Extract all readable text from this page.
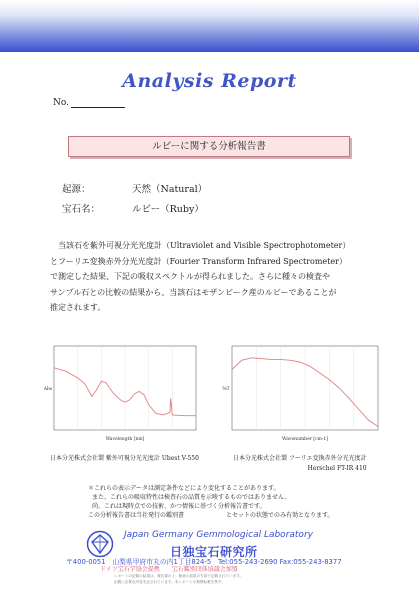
Analysis Report
No.
ルビーに関する分析報告書
起源：	天然（Natural）
宝石名：	ルビー（Ruby）

当該石を紫外可視分光光度計（Ultraviolet and Visible Spectrophotometer）

とフーリエ変換赤外分光光度計（Fourier Transform Infrared Spectrometer）

で測定した結果、下記の吸収スペクトルが得られました。さらに種々の検査や

サンプル石との比較の結果から、当該石はモザンビーク産のルビーであることが

推定されます。

Wavelength [nm]
Abs
Wavenumber [cm-1]
%T
日本分光株式会社製 紫外可視分光光度計 Ubest V-550	日本分光株式会社製 フーリエ変換赤外分光光度計
Herschel FT-IR 410

＊これらの表示データは測定条件などにより変化することがあります。

また、これらの吸収特性は検査石の品質を示唆するものではありません。

尚、これは現時点での技術、かつ情報に基づく分析報告書です。

この分析報告書は当社発行の鑑別書　　　　　　　とセットの状態でのみ有効となります。

Japan Germany Gemmological Laboratory
日独宝石研究所
〒400-0051　山梨県甲府市丸の内1丁目824-5　Tel:055-243-2690 Fax:055-243-8377
ドイツ宝石学協会提携　　宝石鑑別団体協議会加盟

レポートの記載の結果は、報告書の上、検査の結果の写真で記載されています。

記載に必要な内容を記されています。本レポートの無断転載を禁ず。
